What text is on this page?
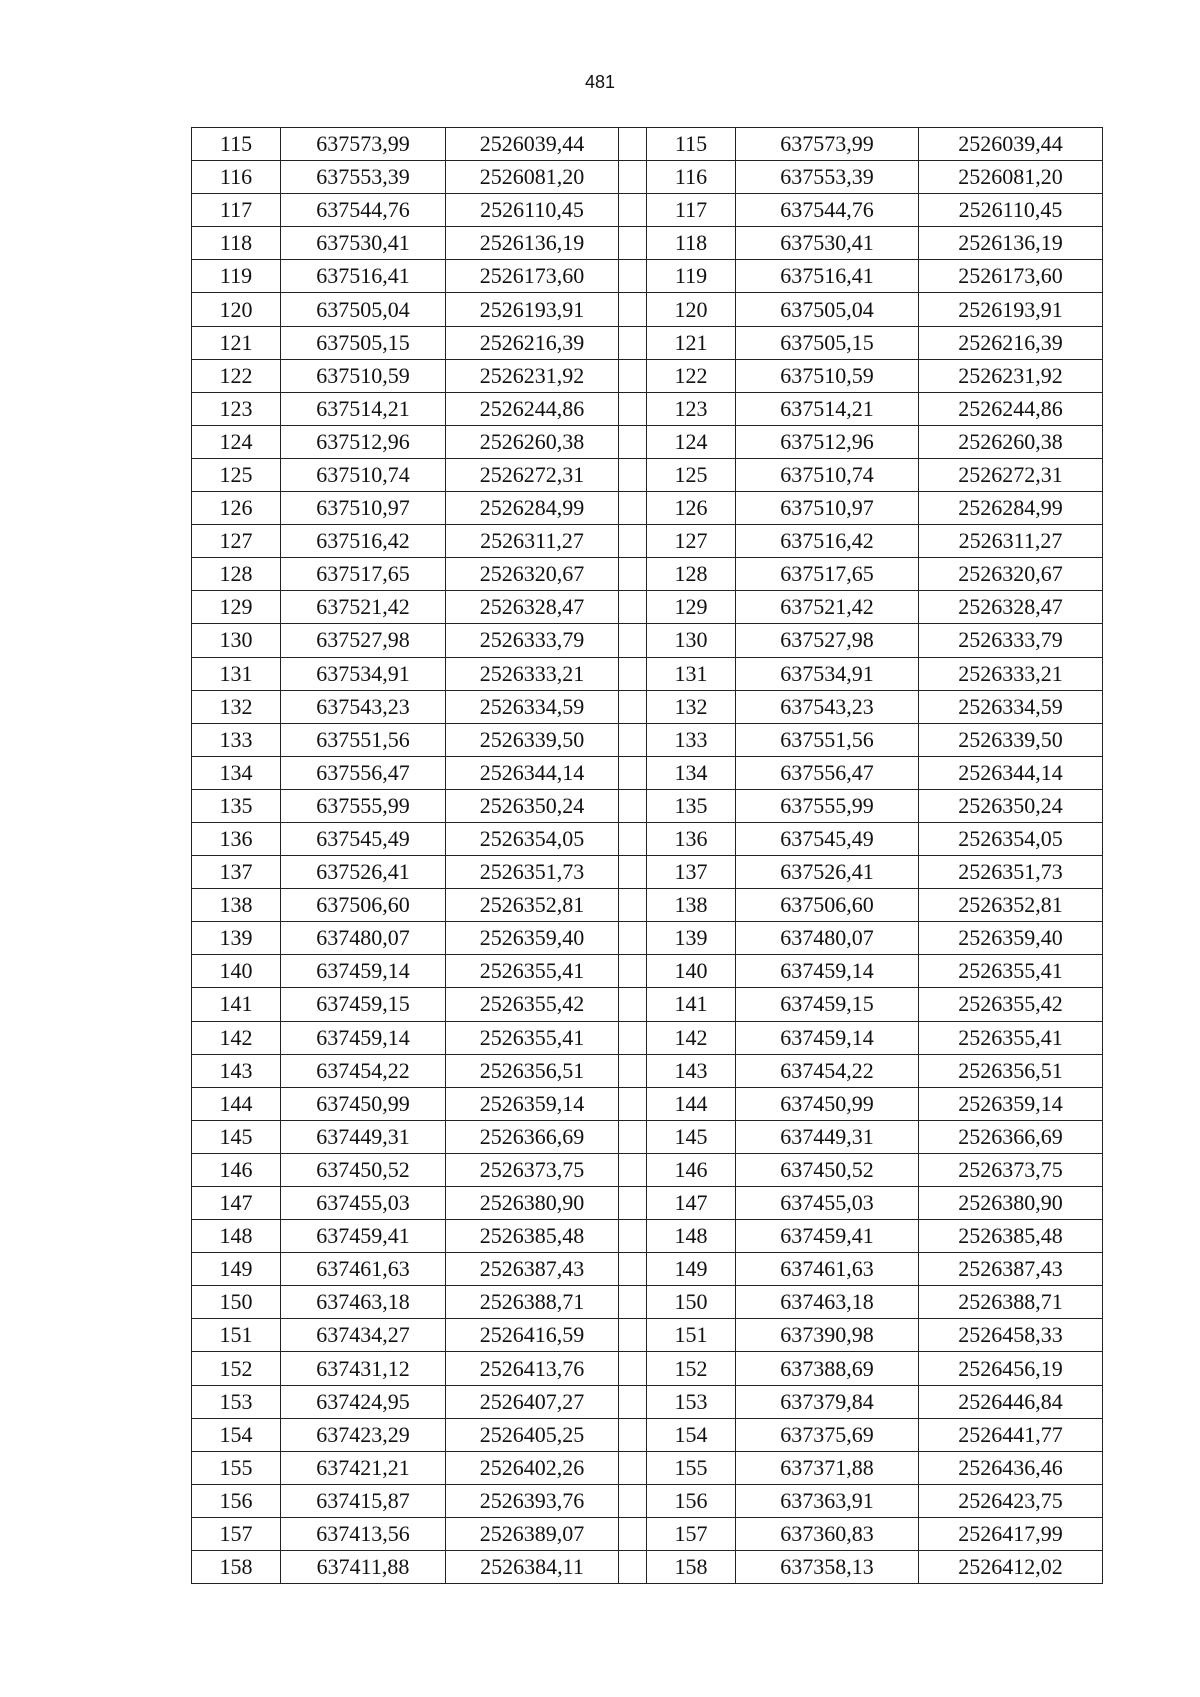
481
115	637573,99	2526039,44		115	637573,99	2526039,44
116	637553,39	2526081,20		116	637553,39	2526081,20
117	637544,76	2526110,45		117	637544,76	2526110,45
118	637530,41	2526136,19		118	637530,41	2526136,19
119	637516,41	2526173,60		119	637516,41	2526173,60
120	637505,04	2526193,91		120	637505,04	2526193,91
121	637505,15	2526216,39		121	637505,15	2526216,39
122	637510,59	2526231,92		122	637510,59	2526231,92
123	637514,21	2526244,86		123	637514,21	2526244,86
124	637512,96	2526260,38		124	637512,96	2526260,38
125	637510,74	2526272,31		125	637510,74	2526272,31
126	637510,97	2526284,99		126	637510,97	2526284,99
127	637516,42	2526311,27		127	637516,42	2526311,27
128	637517,65	2526320,67		128	637517,65	2526320,67
129	637521,42	2526328,47		129	637521,42	2526328,47
130	637527,98	2526333,79		130	637527,98	2526333,79
131	637534,91	2526333,21		131	637534,91	2526333,21
132	637543,23	2526334,59		132	637543,23	2526334,59
133	637551,56	2526339,50		133	637551,56	2526339,50
134	637556,47	2526344,14		134	637556,47	2526344,14
135	637555,99	2526350,24		135	637555,99	2526350,24
136	637545,49	2526354,05		136	637545,49	2526354,05
137	637526,41	2526351,73		137	637526,41	2526351,73
138	637506,60	2526352,81		138	637506,60	2526352,81
139	637480,07	2526359,40		139	637480,07	2526359,40
140	637459,14	2526355,41		140	637459,14	2526355,41
141	637459,15	2526355,42		141	637459,15	2526355,42
142	637459,14	2526355,41		142	637459,14	2526355,41
143	637454,22	2526356,51		143	637454,22	2526356,51
144	637450,99	2526359,14		144	637450,99	2526359,14
145	637449,31	2526366,69		145	637449,31	2526366,69
146	637450,52	2526373,75		146	637450,52	2526373,75
147	637455,03	2526380,90		147	637455,03	2526380,90
148	637459,41	2526385,48		148	637459,41	2526385,48
149	637461,63	2526387,43		149	637461,63	2526387,43
150	637463,18	2526388,71		150	637463,18	2526388,71
151	637434,27	2526416,59		151	637390,98	2526458,33
152	637431,12	2526413,76		152	637388,69	2526456,19
153	637424,95	2526407,27		153	637379,84	2526446,84
154	637423,29	2526405,25		154	637375,69	2526441,77
155	637421,21	2526402,26		155	637371,88	2526436,46
156	637415,87	2526393,76		156	637363,91	2526423,75
157	637413,56	2526389,07		157	637360,83	2526417,99
158	637411,88	2526384,11		158	637358,13	2526412,02
